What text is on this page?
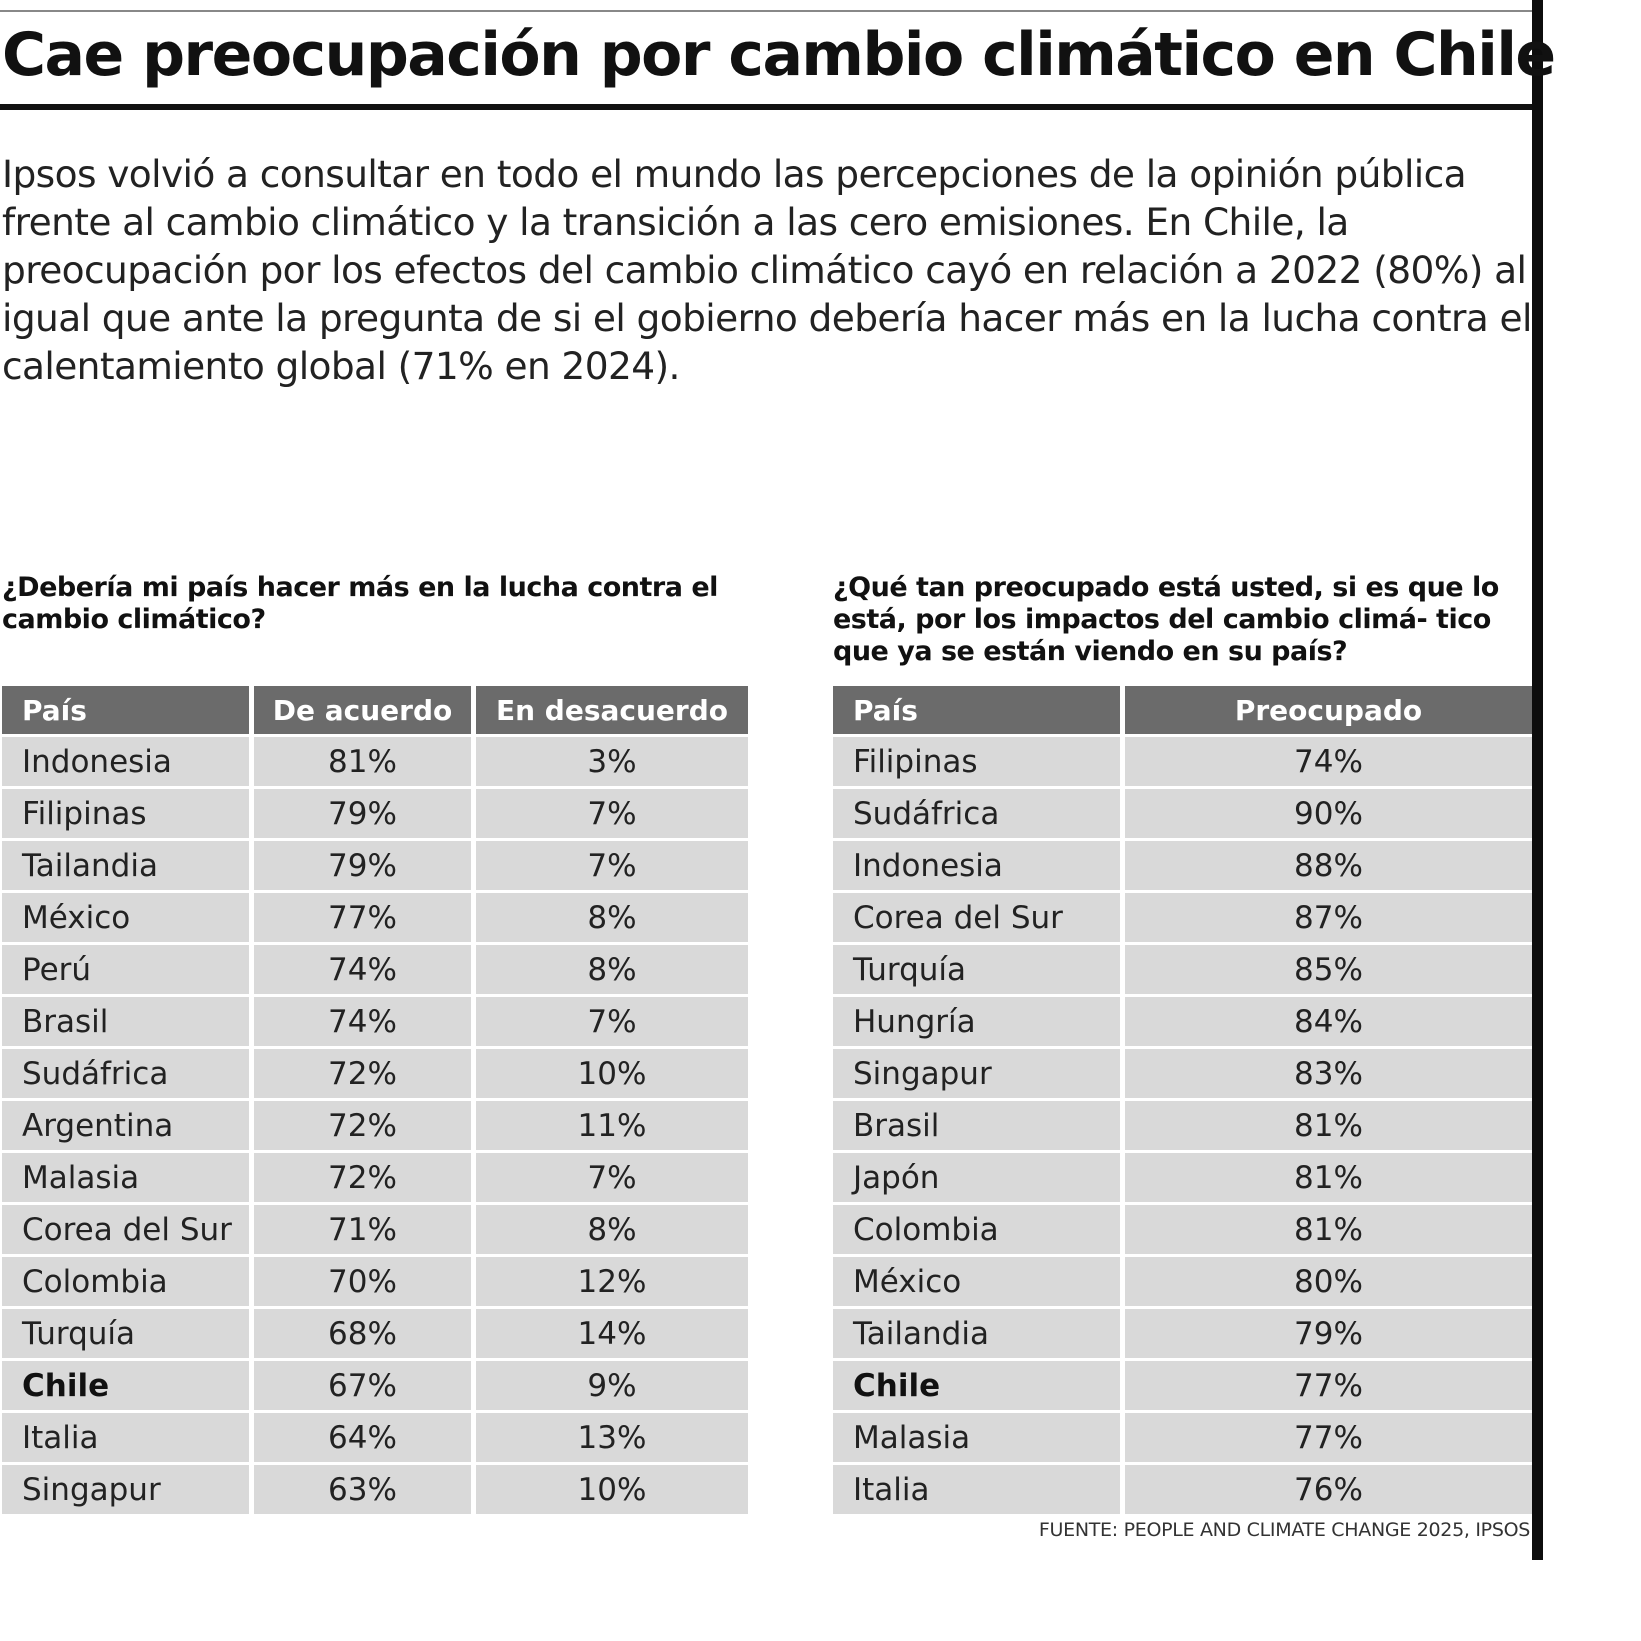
Cae preocupación por cambio climático en Chile

Ipsos volvió a consultar en todo el mundo las percepciones de la opinión pública frente al cambio climático y la transición a las cero emisiones. En Chile, la preocupación por los efectos del cambio climático cayó en relación a 2022 (80%) al igual que ante la pregunta de si el gobierno debería hacer más en la lucha contra el calentamiento global (71% en 2024).

¿Debería mi país hacer más en la lucha contra el cambio climático?

¿Qué tan preocupado está usted, si es que lo está, por los impactos del cambio climá- tico que ya se están viendo en su país?

País	De acuerdo	En desacuerdo
Indonesia	81%	3%
Filipinas	79%	7%
Tailandia	79%	7%
México	77%	8%
Perú	74%	8%
Brasil	74%	7%
Sudáfrica	72%	10%
Argentina	72%	11%
Malasia	72%	7%
Corea del Sur	71%	8%
Colombia	70%	12%
Turquía	68%	14%
Chile	67%	9%
Italia	64%	13%
Singapur	63%	10%
País	Preocupado
Filipinas	74%
Sudáfrica	90%
Indonesia	88%
Corea del Sur	87%
Turquía	85%
Hungría	84%
Singapur	83%
Brasil	81%
Japón	81%
Colombia	81%
México	80%
Tailandia	79%
Chile	77%
Malasia	77%
Italia	76%

FUENTE: PEOPLE AND CLIMATE CHANGE 2025, IPSOS
